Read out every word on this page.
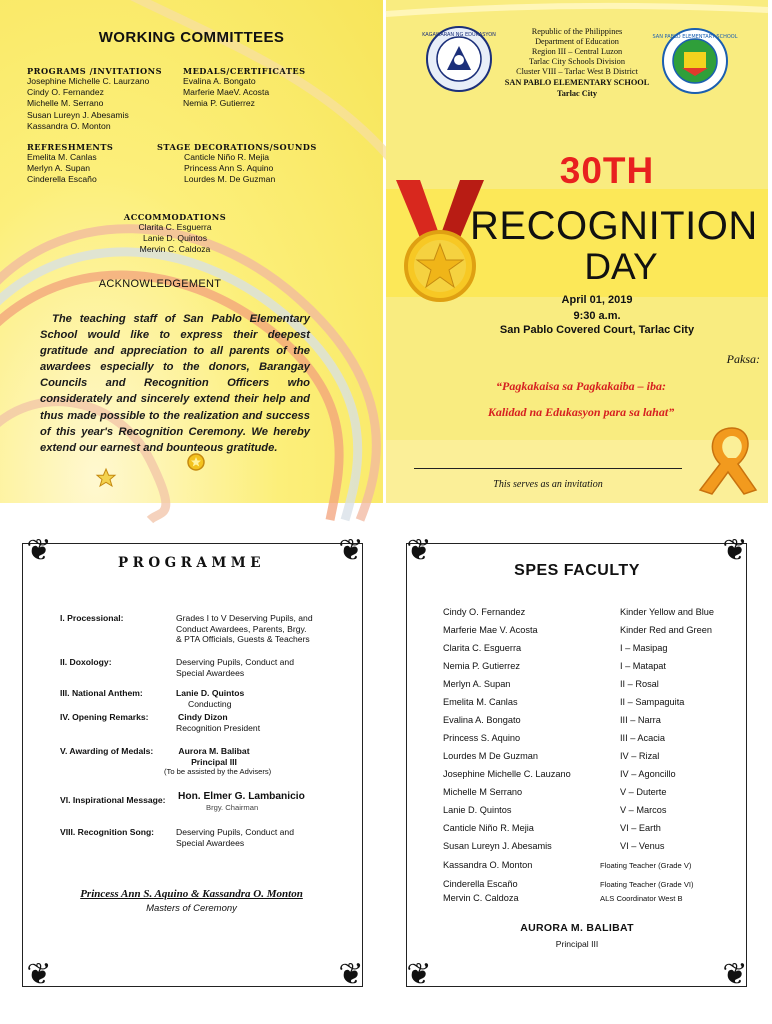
WORKING COMMITTEES
PROGRAMS /INVITATIONS
Josephine Michelle C. Laurzano
Cindy O. Fernandez
Michelle M. Serrano
Susan Lureyn J. Abesamis
Kassandra O. Monton
MEDALS/CERTIFICATES
Evalina A. Bongato
Marferie MaeV. Acosta
Nemia P. Gutierrez
REFRESHMENTS
Emelita M. Canlas
Merlyn A. Supan
Cinderella Escaño
STAGE DECORATIONS/SOUNDS
Canticle Niño R. Mejia
Princess Ann S. Aquino
Lourdes M. De Guzman
ACCOMMODATIONS
Clarita C. Esguerra
Lanie D. Quintos
Mervin C. Caldoza
ACKNOWLEDGEMENT
The teaching staff of San Pablo Elementary School would like to express their deepest gratitude and appreciation to all parents of the awardees especially to the donors, Barangay Councils and Recognition Officers who considerately and sincerely extend their help and thus made possible to the realization and success of this year's Recognition Ceremony. We hereby extend our earnest and bounteous gratitude.
KAGAWARAN NG EDUKASYON	SAN PABLO ELEMENTARY SCHOOL
Republic of the Philippines
Department of Education
Region III – Central Luzon
Tarlac City Schools Division
Cluster VIII – Tarlac West B District
SAN PABLO ELEMENTARY SCHOOL
Tarlac City
30TH
RECOGNITION
DAY
April 01, 2019
9:30 a.m.
San Pablo Covered Court, Tarlac City
Paksa:
“Pagkakaisa sa Pagkakaiba – iba:
Kalidad na Edukasyon para sa lahat”
This serves as an invitation
❦	❦
❦	❦
PROGRAMME
I. Processional:	Grades I to V Deserving Pupils, and
Conduct Awardees, Parents, Brgy.
& PTA Officials, Guests & Teachers
II. Doxology:	Deserving Pupils, Conduct and
Special Awardees
III. National Anthem:	Lanie D. Quintos
Conducting
IV. Opening Remarks:	Cindy Dizon
Recognition President
V. Awarding of Medals:	Aurora M. Balibat
Principal III
(To be assisted by the Advisers)
VI. Inspirational Message: Hon. Elmer G. Lambanicio
Brgy. Chairman
VIII. Recognition Song:	Deserving Pupils, Conduct and
Special Awardees
Princess Ann S. Aquino & Kassandra O. Monton
Masters of Ceremony
❦	❦
❦	❦
SPES FACULTY
Cindy O. Fernandez	Kinder Yellow and Blue
Marferie Mae V. Acosta	Kinder Red and Green
Clarita C. Esguerra	I – Masipag
Nemia P. Gutierrez	I – Matapat
Merlyn A. Supan	II – Rosal
Emelita M. Canlas	II – Sampaguita
Evalina A. Bongato	III – Narra
Princess S. Aquino	III – Acacia
Lourdes M De Guzman	IV – Rizal
Josephine Michelle C. Lauzano	IV – Agoncillo
Michelle M Serrano	V – Duterte
Lanie D. Quintos	V – Marcos
Canticle Niño R. Mejia	VI – Earth
Susan Lureyn J. Abesamis	VI – Venus
Kassandra O. Monton	Floating Teacher (Grade V)
Cinderella Escaño	Floating Teacher (Grade VI)
Mervin C. Caldoza	ALS Coordinator West B
AURORA M. BALIBAT
Principal III
